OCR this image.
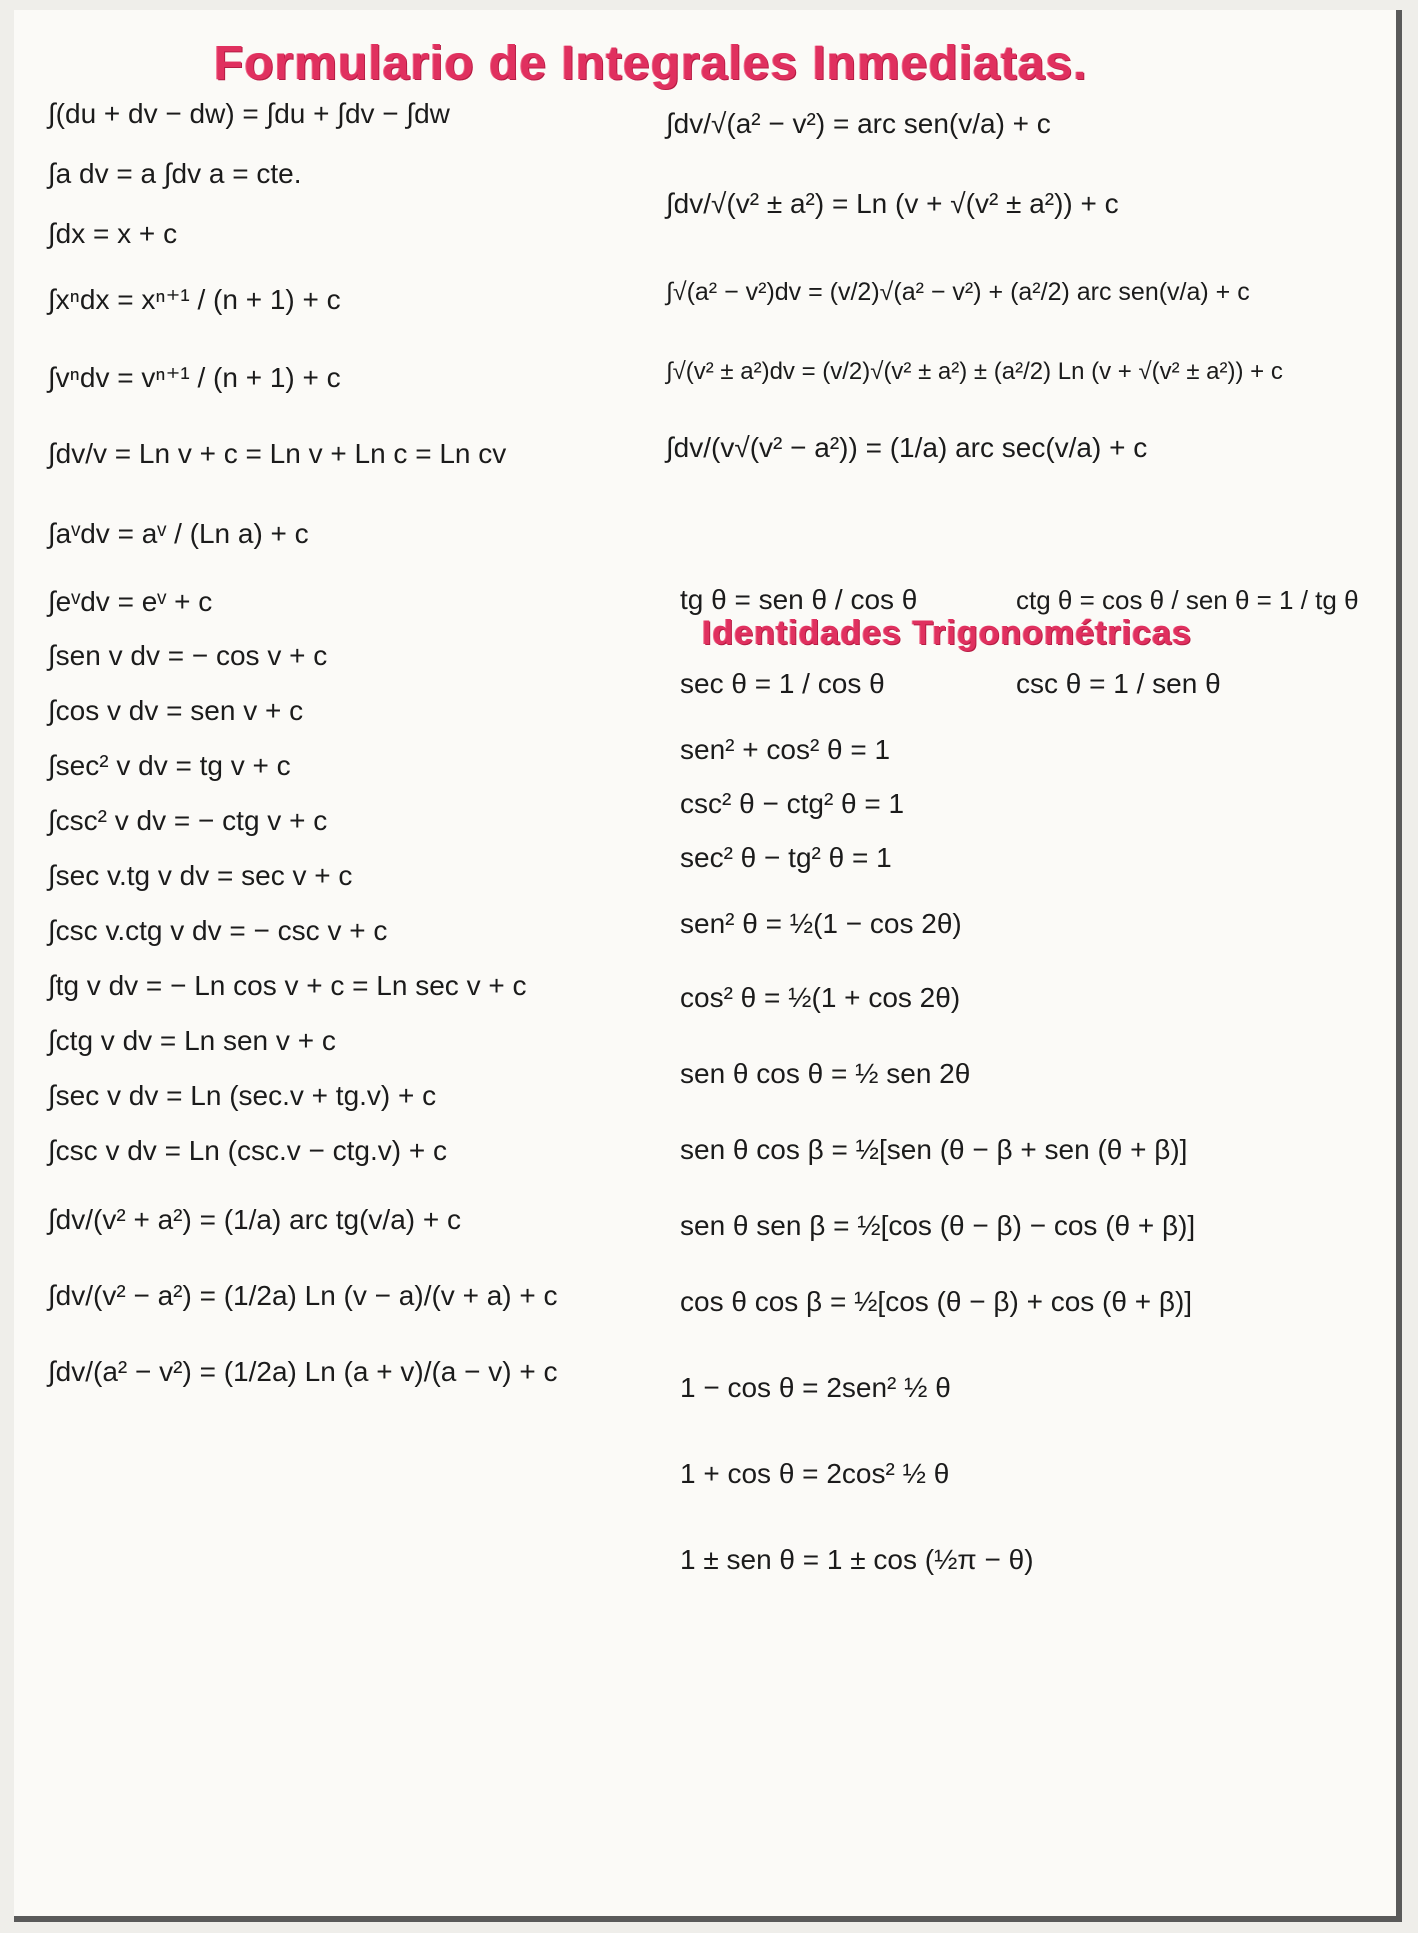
Formulario de Integrales Inmediatas.
Identidades Trigonométricas
∫(du + dv − dw) = ∫du + ∫dv − ∫dw
∫a dv = a ∫dv a = cte.
∫dx = x + c
∫xⁿdx = xⁿ⁺¹ / (n + 1) + c
∫vⁿdv = vⁿ⁺¹ / (n + 1) + c
∫dv/v = Ln v + c = Ln v + Ln c = Ln cv
∫aᵛdv = aᵛ / (Ln a) + c
∫eᵛdv = eᵛ + c
∫sen v dv = − cos v + c
∫cos v dv = sen v + c
∫sec² v dv = tg v + c
∫csc² v dv = − ctg v + c
∫sec v.tg v dv = sec v + c
∫csc v.ctg v dv = − csc v + c
∫tg v dv = − Ln cos v + c = Ln sec v + c
∫ctg v dv = Ln sen v + c
∫sec v dv = Ln (sec.v + tg.v) + c
∫csc v dv = Ln (csc.v − ctg.v) + c
∫dv/(v² + a²) = (1/a) arc tg(v/a) + c
∫dv/(v² − a²) = (1/2a) Ln (v − a)/(v + a) + c
∫dv/(a² − v²) = (1/2a) Ln (a + v)/(a − v) + c
∫dv/√(a² − v²) = arc sen(v/a) + c
∫dv/√(v² ± a²) = Ln (v + √(v² ± a²)) + c
∫√(a² − v²)dv = (v/2)√(a² − v²) + (a²/2) arc sen(v/a) + c
∫√(v² ± a²)dv = (v/2)√(v² ± a²) ± (a²/2) Ln (v + √(v² ± a²)) + c
∫dv/(v√(v² − a²)) = (1/a) arc sec(v/a) + c
tg θ = sen θ / cos θ	ctg θ = cos θ / sen θ = 1 / tg θ
sec θ = 1 / cos θ	csc θ = 1 / sen θ
sen² + cos² θ = 1
csc² θ − ctg² θ = 1
sec² θ − tg² θ = 1
sen² θ = ½(1 − cos 2θ)
cos² θ = ½(1 + cos 2θ)
sen θ cos θ = ½ sen 2θ
sen θ cos β = ½[sen (θ − β + sen (θ + β)]
sen θ sen β = ½[cos (θ − β) − cos (θ + β)]
cos θ cos β = ½[cos (θ − β) + cos (θ + β)]
1 − cos θ = 2sen² ½ θ
1 + cos θ = 2cos² ½ θ
1 ± sen θ = 1 ± cos (½π − θ)
